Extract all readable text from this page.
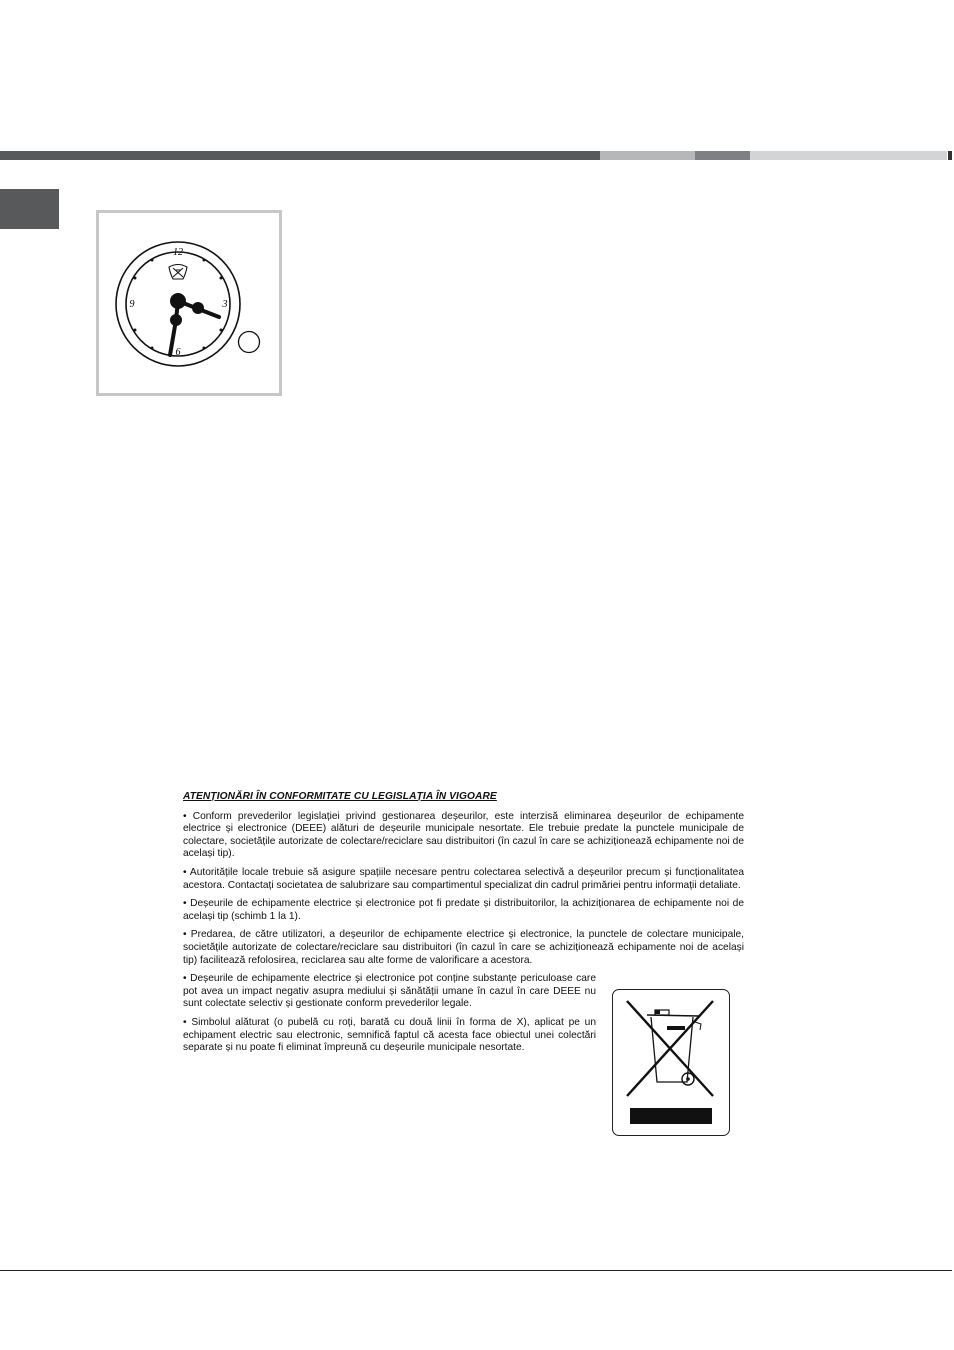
12
3
6
9
ATENȚIONĂRI ÎN CONFORMITATE CU LEGISLAȚIA ÎN VIGOARE

• Conform prevederilor legislației privind gestionarea deșeurilor, este interzisă eliminarea deșeurilor de echipamente electrice și electronice (DEEE) alături de deșeurile municipale nesortate. Ele trebuie predate la punctele municipale de colectare, societățile autorizate de colectare/reciclare sau distribuitori (în cazul în care se achiziționează echipamente noi de același tip).

• Autoritățile locale trebuie să asigure spațiile necesare pentru colectarea selectivă a deșeurilor precum și funcționalitatea acestora. Contactați societatea de salubrizare sau compartimentul specializat din cadrul primăriei pentru informații detaliate.

• Deșeurile de echipamente electrice și electronice pot fi predate și distribuitorilor, la achiziționarea de echipamente noi de același tip (schimb 1 la 1).

• Predarea, de către utilizatori, a deșeurilor de echipamente electrice și electronice, la punctele de colectare municipale, societățile autorizate de colectare/reciclare sau distribuitori (în cazul în care se achiziționează echipamente noi de același tip) facilitează refolosirea, reciclarea sau alte forme de valorificare a acestora.

• Deșeurile de echipamente electrice și electronice pot conține substanțe periculoase care pot avea un impact negativ asupra mediului și sănătății umane în cazul în care DEEE nu sunt colectate selectiv și gestionate conform prevederilor legale.

• Simbolul alăturat (o pubelă cu roți, barată cu două linii în forma de X), aplicat pe un echipament electric sau electronic, semnifică faptul că acesta face obiectul unei colectări separate și nu poate fi eliminat împreună cu deșeurile municipale nesortate.
